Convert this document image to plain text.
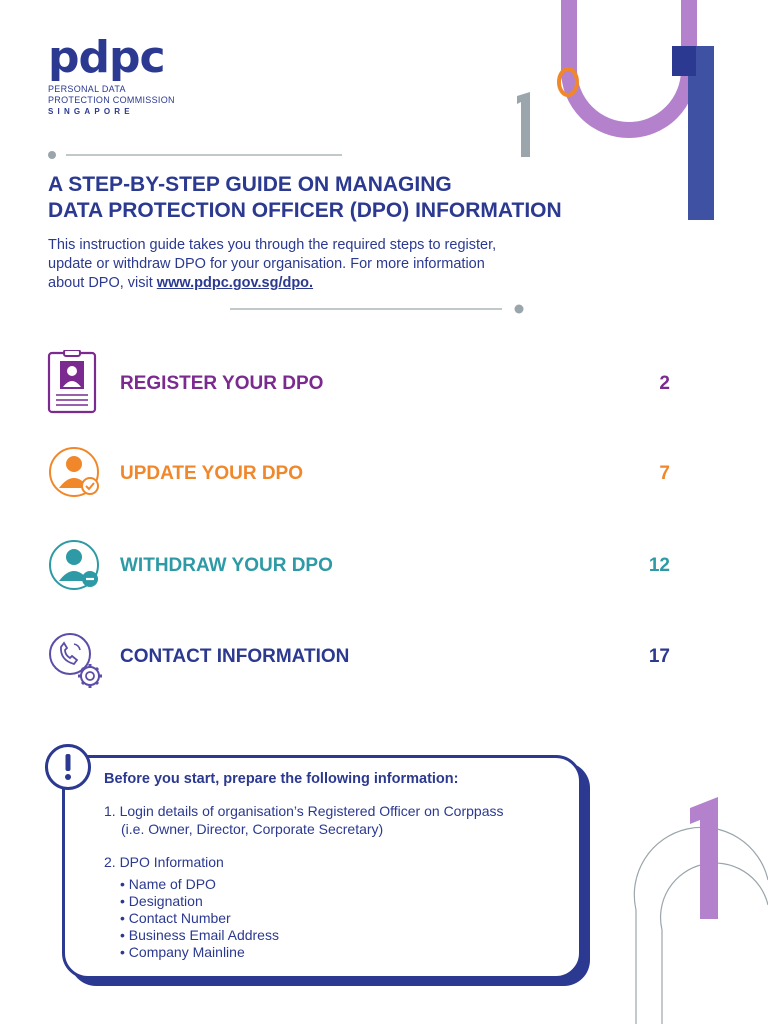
pdpc
PERSONAL DATA
PROTECTION COMMISSION
SINGAPORE
A STEP-BY-STEP GUIDE ON MANAGING
DATA PROTECTION OFFICER (DPO) INFORMATION
This instruction guide takes you through the required steps to register,
update or withdraw DPO for your organisation. For more information
about DPO, visit www.pdpc.gov.sg/dpo.
REGISTER YOUR DPO	2
UPDATE YOUR DPO	7
WITHDRAW YOUR DPO	12
CONTACT INFORMATION	17
Before you start, prepare the following information:
1. Login details of organisation’s Registered Officer on Corppass
(i.e. Owner, Director, Corporate Secretary)
2. DPO Information
• Name of DPO
• Designation
• Contact Number
• Business Email Address
• Company Mainline
